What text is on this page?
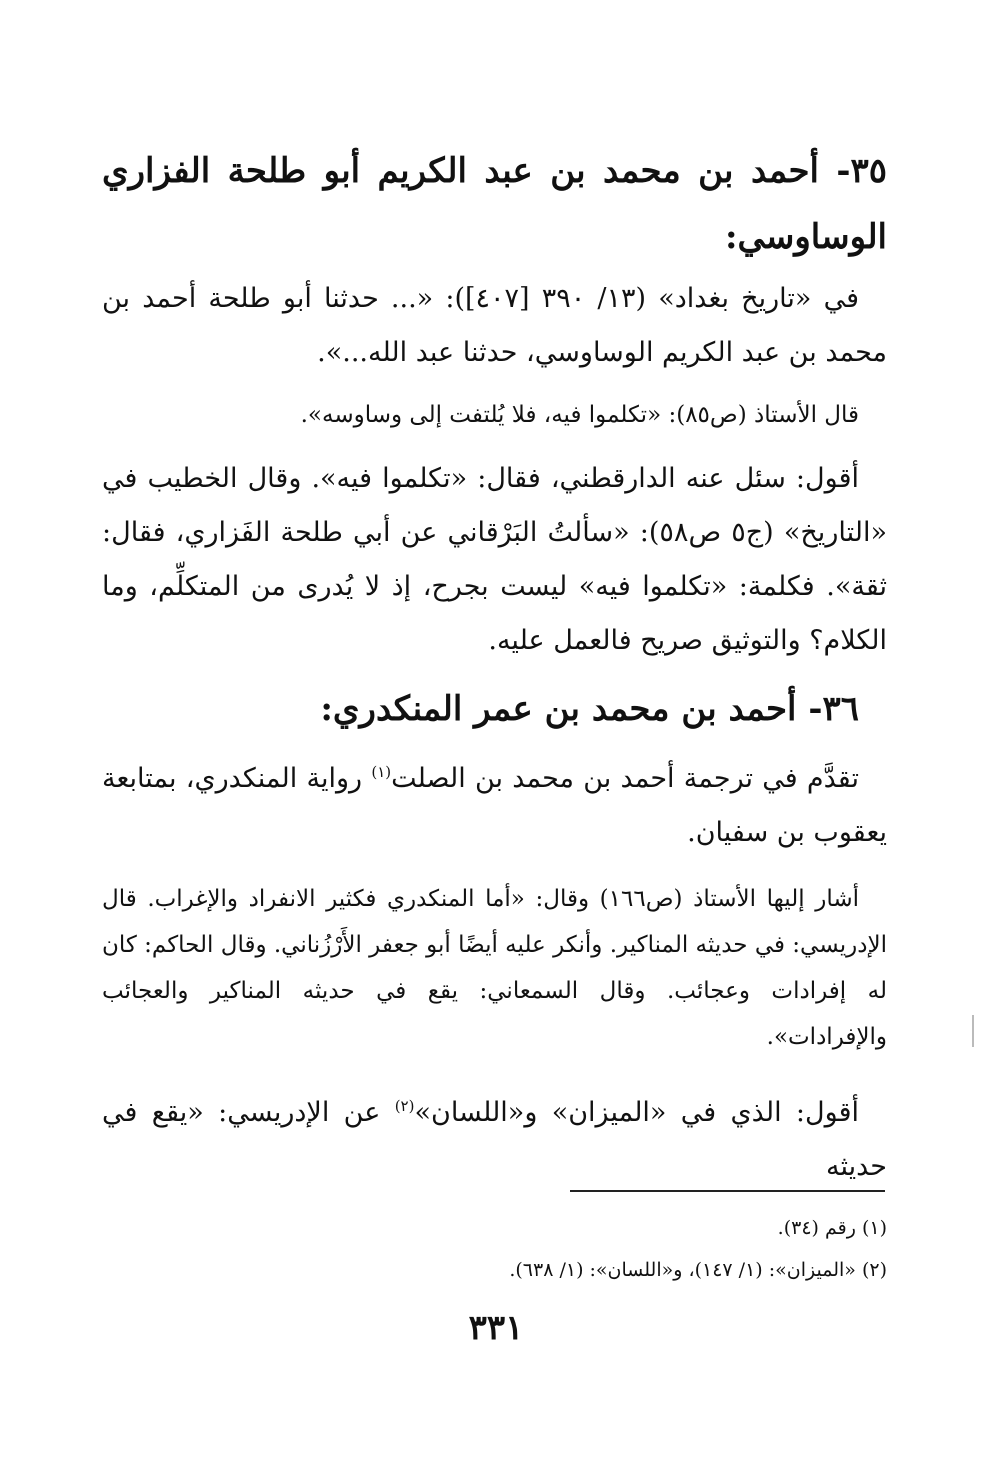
٣٥- أحمد بن محمد بن عبد الكريم أبو طلحة الفزاري الوساوسي:

في «تاريخ بغداد» (١٣/ ٣٩٠ [٤٠٧]): «... حدثنا أبو طلحة أحمد بن محمد بن عبد الكريم الوساوسي، حدثنا عبد الله...».

قال الأستاذ (ص٨٥): «تكلموا فيه، فلا يُلتفت إلى وساوسه».

أقول: سئل عنه الدارقطني، فقال: «تكلموا فيه». وقال الخطيب في «التاريخ» (ج٥ ص٥٨): «سألتُ البَرْقاني عن أبي طلحة الفَزاري، فقال: ثقة». فكلمة: «تكلموا فيه» ليست بجرح، إذ لا يُدرى من المتكلِّم، وما الكلام؟ والتوثيق صريح فالعمل عليه.

٣٦- أحمد بن محمد بن عمر المنكدري:

تقدَّم في ترجمة أحمد بن محمد بن الصلت$^{(١)}$ رواية المنكدري، بمتابعة يعقوب بن سفيان.

أشار إليها الأستاذ (ص١٦٦) وقال: «أما المنكدري فكثير الانفراد والإغراب. قال الإدريسي: في حديثه المناكير. وأنكر عليه أيضًا أبو جعفر الأَرْزُناني. وقال الحاكم: كان له إفرادات وعجائب. وقال السمعاني: يقع في حديثه المناكير والعجائب والإفرادات».

أقول: الذي في «الميزان» و«اللسان»$^{(٢)}$ عن الإدريسي: «يقع في حديثه

(١) رقم (٣٤).
(٢) «الميزان»: (١/ ١٤٧)، و«اللسان»: (١/ ٦٣٨).
٣٣١
